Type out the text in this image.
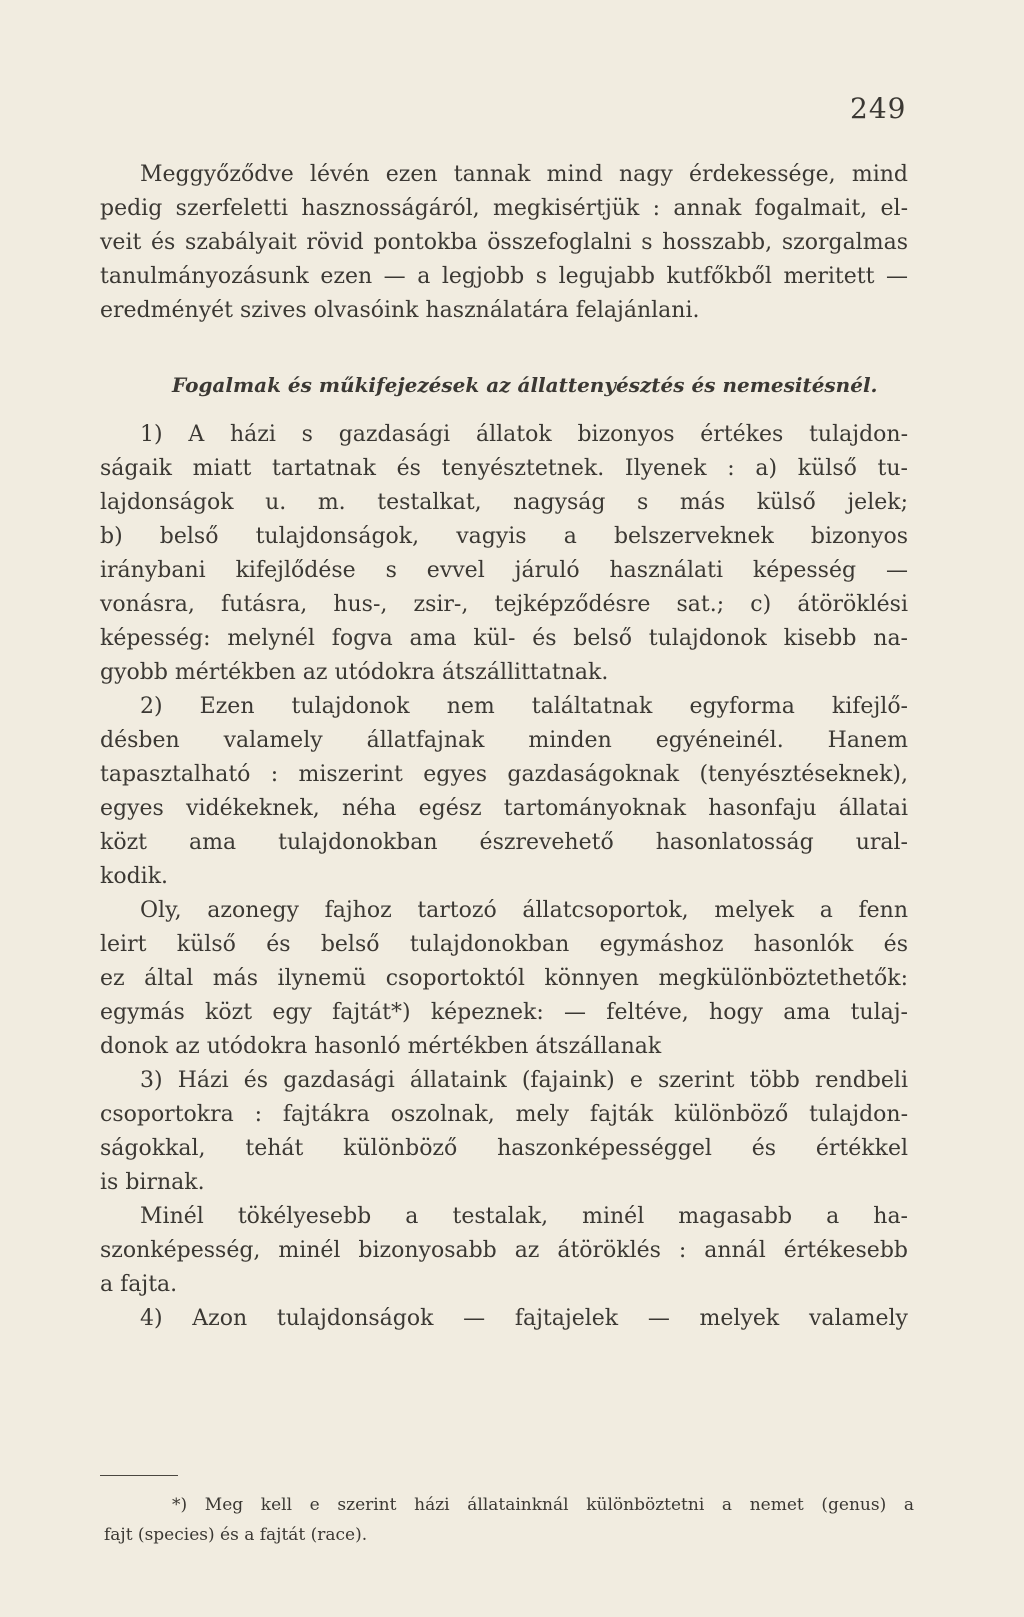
249
Meggyőződve lévén ezen tannak mind nagy érdekessége, mind
pedig szerfeletti hasznosságáról, megkisértjük : annak fogalmait, el-
veit és szabályait rövid pontokba összefoglalni s hosszabb, szorgalmas
tanulmányozásunk ezen — a legjobb s legujabb kutfőkből meritett —
eredményét szives olvasóink használatára felajánlani.
Fogalmak és műkifejezések az állattenyésztés és nemesitésnél.
1) A házi s gazdasági állatok bizonyos értékes tulajdon-
ságaik miatt tartatnak és tenyésztetnek. Ilyenek : a) külső tu-
lajdonságok u. m. testalkat, nagyság s más külső jelek;
b) belső tulajdonságok, vagyis a belszerveknek bizonyos
iránybani kifejlődése s evvel járuló használati képesség —
vonásra, futásra, hus-, zsir-, tejképződésre sat.; c) átöröklési
képesség: melynél fogva ama kül- és belső tulajdonok kisebb na-
gyobb mértékben az utódokra átszállittatnak.
2) Ezen tulajdonok nem találtatnak egyforma kifejlő-
désben valamely állatfajnak minden egyéneinél. Hanem
tapasztalható : miszerint egyes gazdaságoknak (tenyésztéseknek),
egyes vidékeknek, néha egész tartományoknak hasonfaju állatai
közt ama tulajdonokban észrevehető hasonlatosság ural-
kodik.
Oly, azonegy fajhoz tartozó állatcsoportok, melyek a fenn
leirt külső és belső tulajdonokban egymáshoz hasonlók és
ez által más ilynemü csoportoktól könnyen megkülönböztethetők:
egymás közt egy fajtát*) képeznek: — feltéve, hogy ama tulaj-
donok az utódokra hasonló mértékben átszállanak
3) Házi és gazdasági állataink (fajaink) e szerint több rendbeli
csoportokra : fajtákra oszolnak, mely fajták különböző tulajdon-
ságokkal, tehát különböző haszonképességgel és értékkel
is birnak.
Minél tökélyesebb a testalak, minél magasabb a ha-
szonképesség, minél bizonyosabb az átöröklés : annál értékesebb
a fajta.
4) Azon tulajdonságok — fajtajelek — melyek valamely
*) Meg kell e szerint házi állatainknál különböztetni a nemet (genus) a
fajt (species) és a fajtát (race).
